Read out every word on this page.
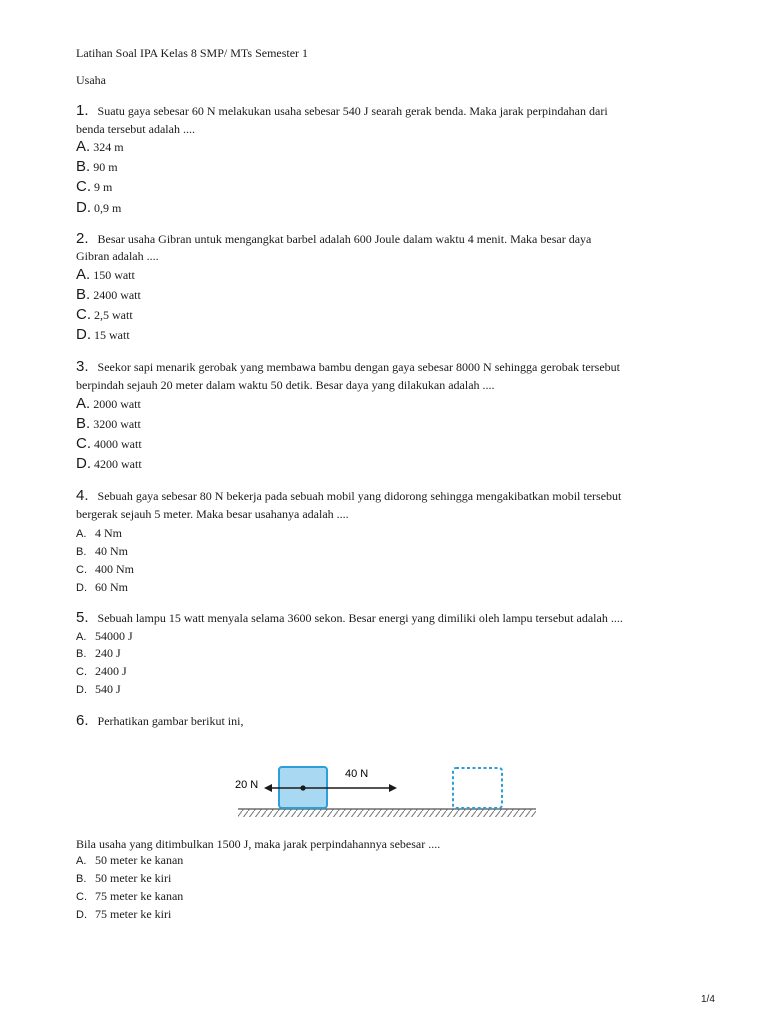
Latihan Soal IPA Kelas 8 SMP/ MTs Semester 1
Usaha
1. Suatu gaya sebesar 60 N melakukan usaha sebesar 540 J searah gerak benda. Maka jarak perpindahan dari
benda tersebut adalah ....
A. 324 m
B. 90 m
C. 9 m
D. 0,9 m
2. Besar usaha Gibran untuk mengangkat barbel adalah 600 Joule dalam waktu 4 menit. Maka besar daya
Gibran adalah ....
A. 150 watt
B. 2400 watt
C. 2,5 watt
D. 15 watt
3. Seekor sapi menarik gerobak yang membawa bambu dengan gaya sebesar 8000 N sehingga gerobak tersebut
berpindah sejauh 20 meter dalam waktu 50 detik. Besar daya yang dilakukan adalah ....
A. 2000 watt
B. 3200 watt
C. 4000 watt
D. 4200 watt
4. Sebuah gaya sebesar 80 N bekerja pada sebuah mobil yang didorong sehingga mengakibatkan mobil tersebut
bergerak sejauh 5 meter. Maka besar usahanya adalah ....
A. 4 Nm
B. 40 Nm
C. 400 Nm
D. 60 Nm
5. Sebuah lampu 15 watt menyala selama 3600 sekon. Besar energi yang dimiliki oleh lampu tersebut adalah ....
A. 54000 J
B. 240 J
C. 2400 J
D. 540 J
6. Perhatikan gambar berikut ini,
20 N
40 N
Bila usaha yang ditimbulkan 1500 J, maka jarak perpindahannya sebesar ....
A. 50 meter ke kanan
B. 50 meter ke kiri
C. 75 meter ke kanan
D. 75 meter ke kiri
1/4
